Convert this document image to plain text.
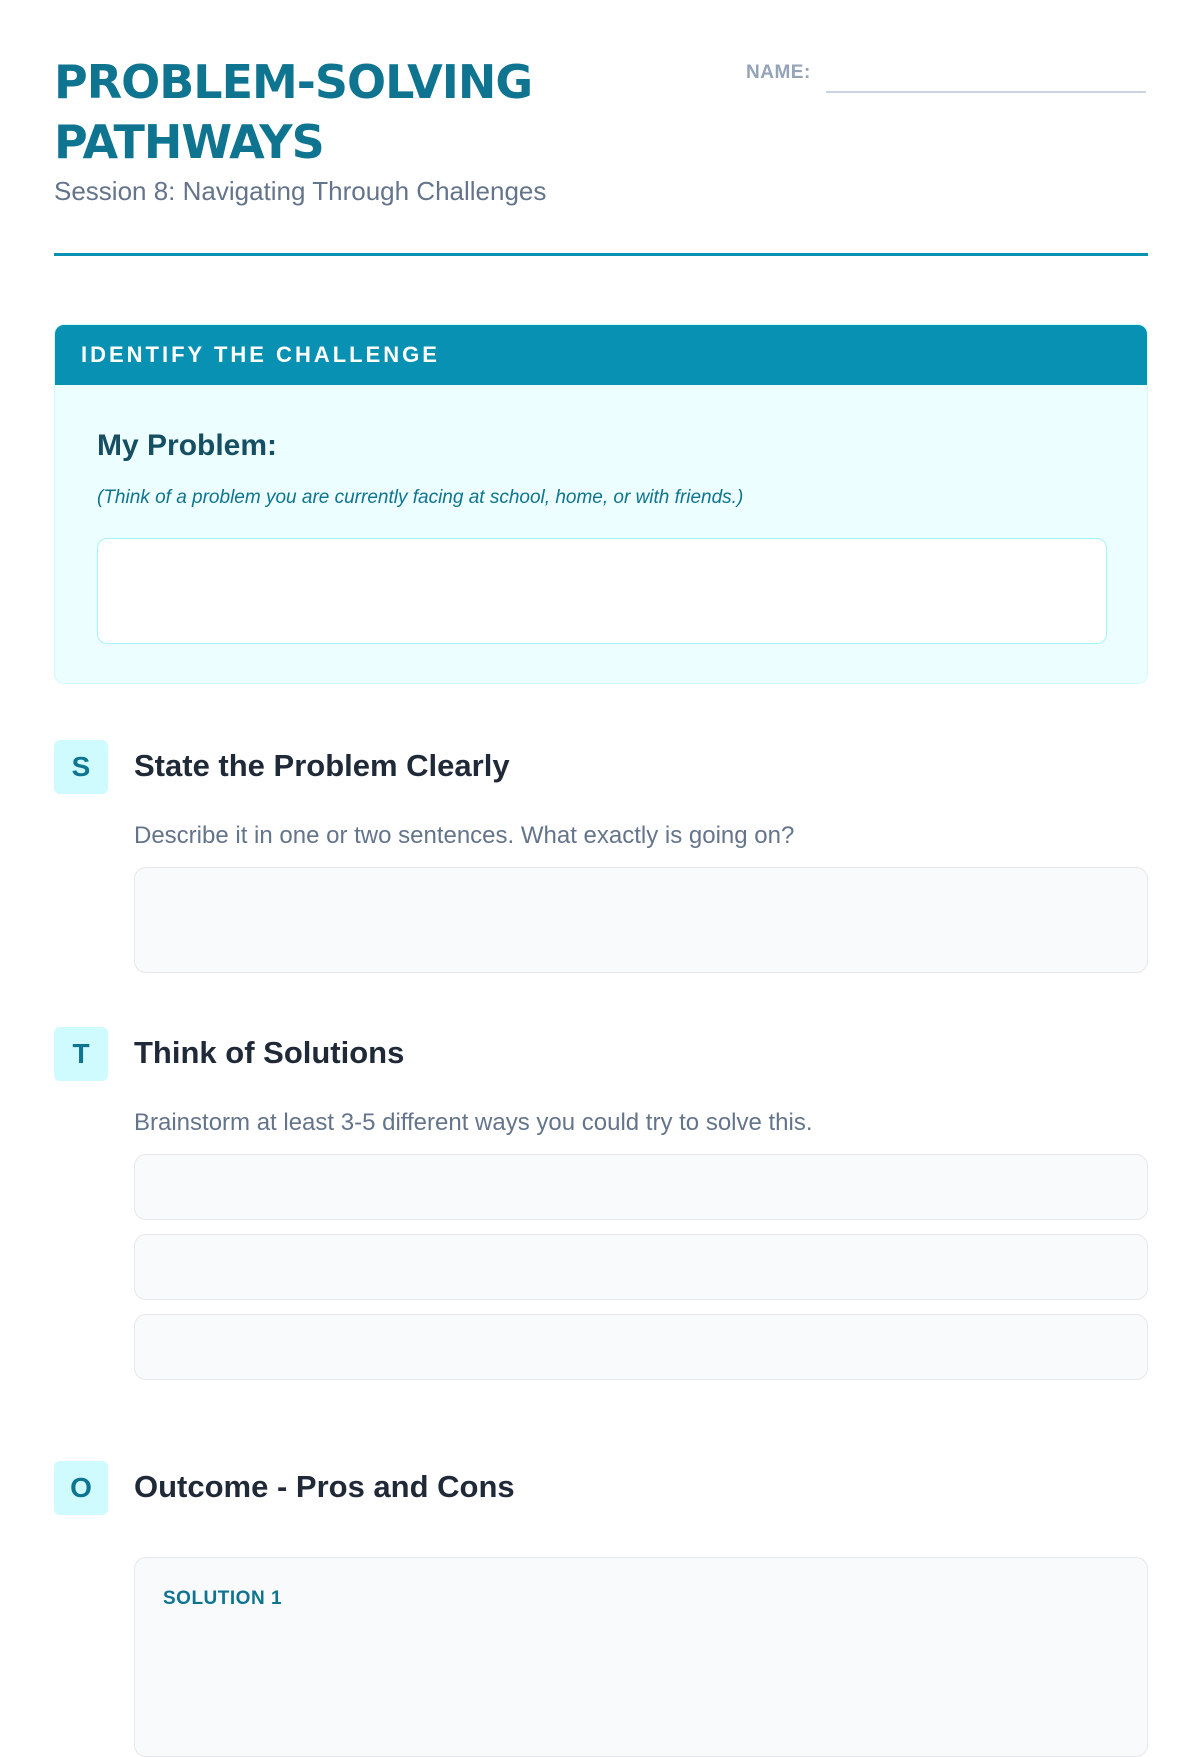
PROBLEM-SOLVING PATHWAYS

Session 8: Navigating Through Challenges

NAME:
IDENTIFY THE CHALLENGE
My Problem:
(Think of a problem you are currently facing at school, home, or with friends.)
S	State the Problem Clearly
Describe it in one or two sentences. What exactly is going on?
T	Think of Solutions
Brainstorm at least 3-5 different ways you could try to solve this.
O	Outcome - Pros and Cons
SOLUTION 1
